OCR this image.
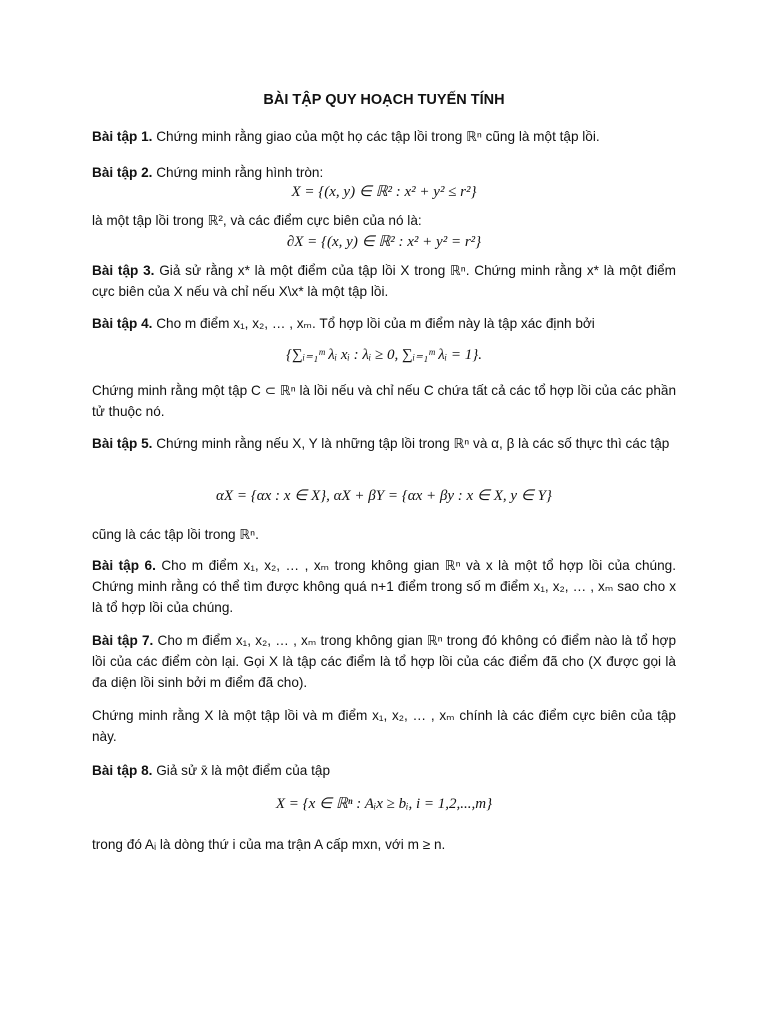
BÀI TẬP QUY HOẠCH TUYẾN TÍNH
Bài tập 1. Chứng minh rằng giao của một họ các tập lồi trong ℝⁿ cũng là một tập lồi.
Bài tập 2. Chứng minh rằng hình tròn:
X = {(x, y) ∈ ℝ² : x² + y² ≤ r²}
là một tập lồi trong ℝ², và các điểm cực biên của nó là:
∂X = {(x, y) ∈ ℝ² : x² + y² = r²}
Bài tập 3. Giả sử rằng x* là một điểm của tập lồi X trong ℝⁿ. Chứng minh rằng x* là một điểm cực biên của X nếu và chỉ nếu X\x* là một tập lồi.
Bài tập 4. Cho m điểm x₁, x₂, … , xₘ. Tổ hợp lồi của m điểm này là tập xác định bởi
{∑ᵢ₌₁ᵐ λᵢ xᵢ : λᵢ ≥ 0, ∑ᵢ₌₁ᵐ λᵢ = 1}.
Chứng minh rằng một tập C ⊂ ℝⁿ là lồi nếu và chỉ nếu C chứa tất cả các tổ hợp lồi của các phần tử thuộc nó.
Bài tập 5. Chứng minh rằng nếu X, Y là những tập lồi trong ℝⁿ và α, β là các số thực thì các tập
αX = {αx : x ∈ X}, αX + βY = {αx + βy : x ∈ X, y ∈ Y}
cũng là các tập lồi trong ℝⁿ.
Bài tập 6. Cho m điểm x₁, x₂, … , xₘ trong không gian ℝⁿ và x là một tổ hợp lồi của chúng. Chứng minh rằng có thể tìm được không quá n+1 điểm trong số m điểm x₁, x₂, … , xₘ sao cho x là tổ hợp lồi của chúng.
Bài tập 7. Cho m điểm x₁, x₂, … , xₘ trong không gian ℝⁿ trong đó không có điểm nào là tổ hợp lồi của các điểm còn lại. Gọi X là tập các điểm là tổ hợp lồi của các điểm đã cho (X được gọi là đa diện lồi sinh bởi m điểm đã cho).
Chứng minh rằng X là một tập lồi và m điểm x₁, x₂, … , xₘ chính là các điểm cực biên của tập này.
Bài tập 8. Giả sử x̄ là một điểm của tập
X = {x ∈ ℝⁿ : Aᵢx ≥ bᵢ, i = 1,2,...,m}
trong đó Aᵢ là dòng thứ i của ma trận A cấp mxn, với m ≥ n.
